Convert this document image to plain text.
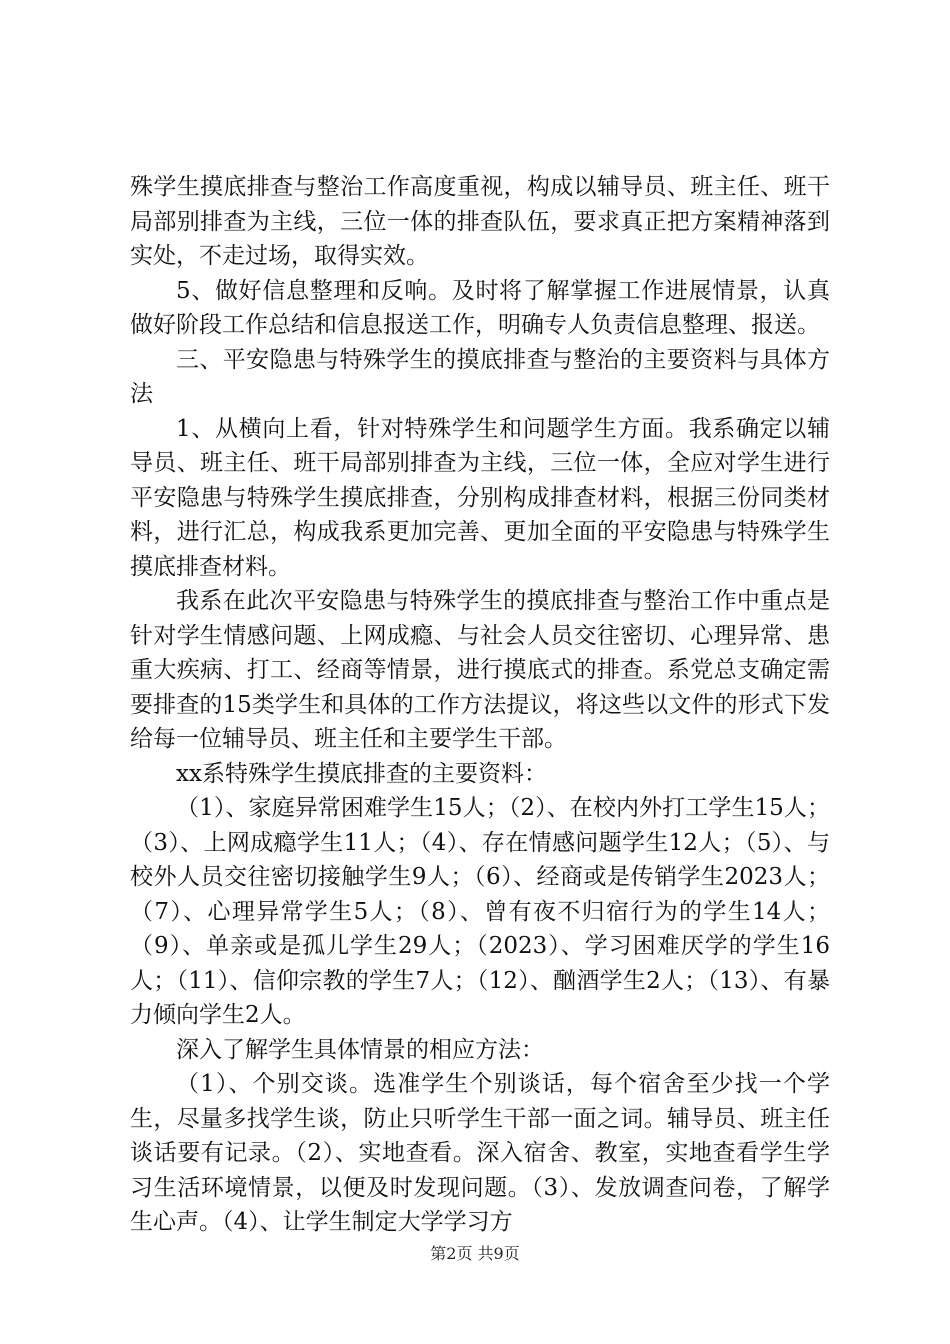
殊学生摸底排查与整治工作高度重视，构成以辅导员、班主任、班干局部别排查为主线，三位一体的排查队伍，要求真正把方案精神落到实处，不走过场，取得实效。

5、做好信息整理和反响。及时将了解掌握工作进展情景，认真做好阶段工作总结和信息报送工作，明确专人负责信息整理、报送。

三、平安隐患与特殊学生的摸底排查与整治的主要资料与具体方法

1、从横向上看，针对特殊学生和问题学生方面。我系确定以辅导员、班主任、班干局部别排查为主线，三位一体，全应对学生进行平安隐患与特殊学生摸底排查，分别构成排查材料，根据三份同类材料，进行汇总，构成我系更加完善、更加全面的平安隐患与特殊学生摸底排查材料。

我系在此次平安隐患与特殊学生的摸底排查与整治工作中重点是针对学生情感问题、上网成瘾、与社会人员交往密切、心理异常、患重大疾病、打工、经商等情景，进行摸底式的排查。系党总支确定需要排查的15类学生和具体的工作方法提议，将这些以文件的形式下发给每一位辅导员、班主任和主要学生干部。

xx系特殊学生摸底排查的主要资料：

（1）、家庭异常困难学生15人；（2）、在校内外打工学生15人；（3）、上网成瘾学生11人；（4）、存在情感问题学生12人；（5）、与校外人员交往密切接触学生9人；（6）、经商或是传销学生2023人；（7）、心理异常学生5人；（8）、曾有夜不归宿行为的学生14人；（9）、单亲或是孤儿学生29人；（2023）、学习困难厌学的学生16人；（11）、信仰宗教的学生7人；（12）、酗酒学生2人；（13）、有暴力倾向学生2人。

深入了解学生具体情景的相应方法：

（1）、个别交谈。选准学生个别谈话，每个宿舍至少找一个学生，尽量多找学生谈，防止只听学生干部一面之词。辅导员、班主任谈话要有记录。（2）、实地查看。深入宿舍、教室，实地查看学生学习生活环境情景，以便及时发现问题。（3）、发放调查问卷，了解学生心声。（4）、让学生制定大学学习方

第2页 共9页
